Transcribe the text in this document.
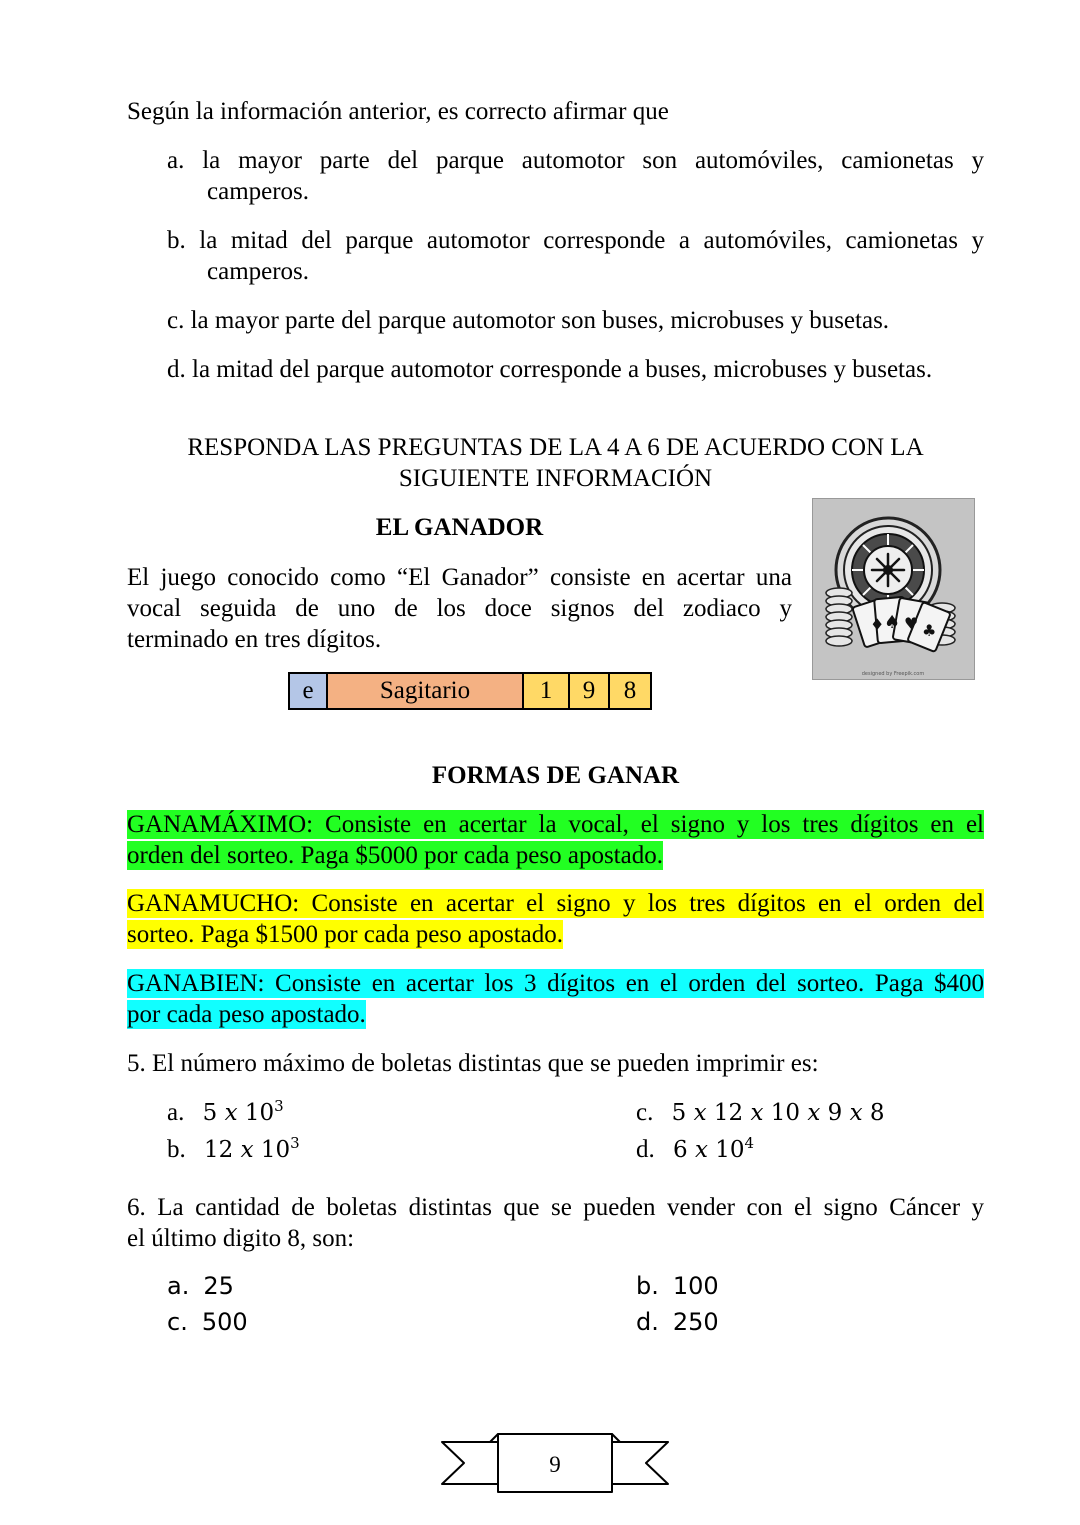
Según la información anterior, es correcto afirmar que
a. la mayor parte del parque automotor son automóviles, camionetas y
camperos.
b. la mitad del parque automotor corresponde a automóviles, camionetas y
camperos.
c. la mayor parte del parque automotor son buses, microbuses y busetas.
d. la mitad del parque automotor corresponde a buses, microbuses y busetas.
RESPONDA LAS PREGUNTAS DE LA 4 A 6 DE ACUERDO CON LA
SIGUIENTE INFORMACIÓN
EL GANADOR
El juego conocido como “El Ganador” consiste en acertar una
vocal seguida de uno de los doce signos del zodiaco y
terminado en tres dígitos.
♦ ♠ ♥ ♣
designed by Freepik.com
e	Sagitario	1	9	8
FORMAS DE GANAR
GANAMÁXIMO: Consiste en acertar la vocal, el signo y los tres dígitos en el
orden del sorteo. Paga $5000 por cada peso apostado.
GANAMUCHO: Consiste en acertar el signo y los tres dígitos en el orden del
sorteo. Paga $1500 por cada peso apostado.
GANABIEN: Consiste en acertar los 3 dígitos en el orden del sorteo. Paga $400
por cada peso apostado.
5. El número máximo de boletas distintas que se pueden imprimir es:
a. 5 x $10^3$
b. 12 x $10^3$
c. 5 x 12 x 10 x 9 x 8
d. 6 x $10^4$
6. La cantidad de boletas distintas que se pueden vender con el signo Cáncer y
el último digito 8, son:
a. 25	b. 100
c. 500	d. 250
9
